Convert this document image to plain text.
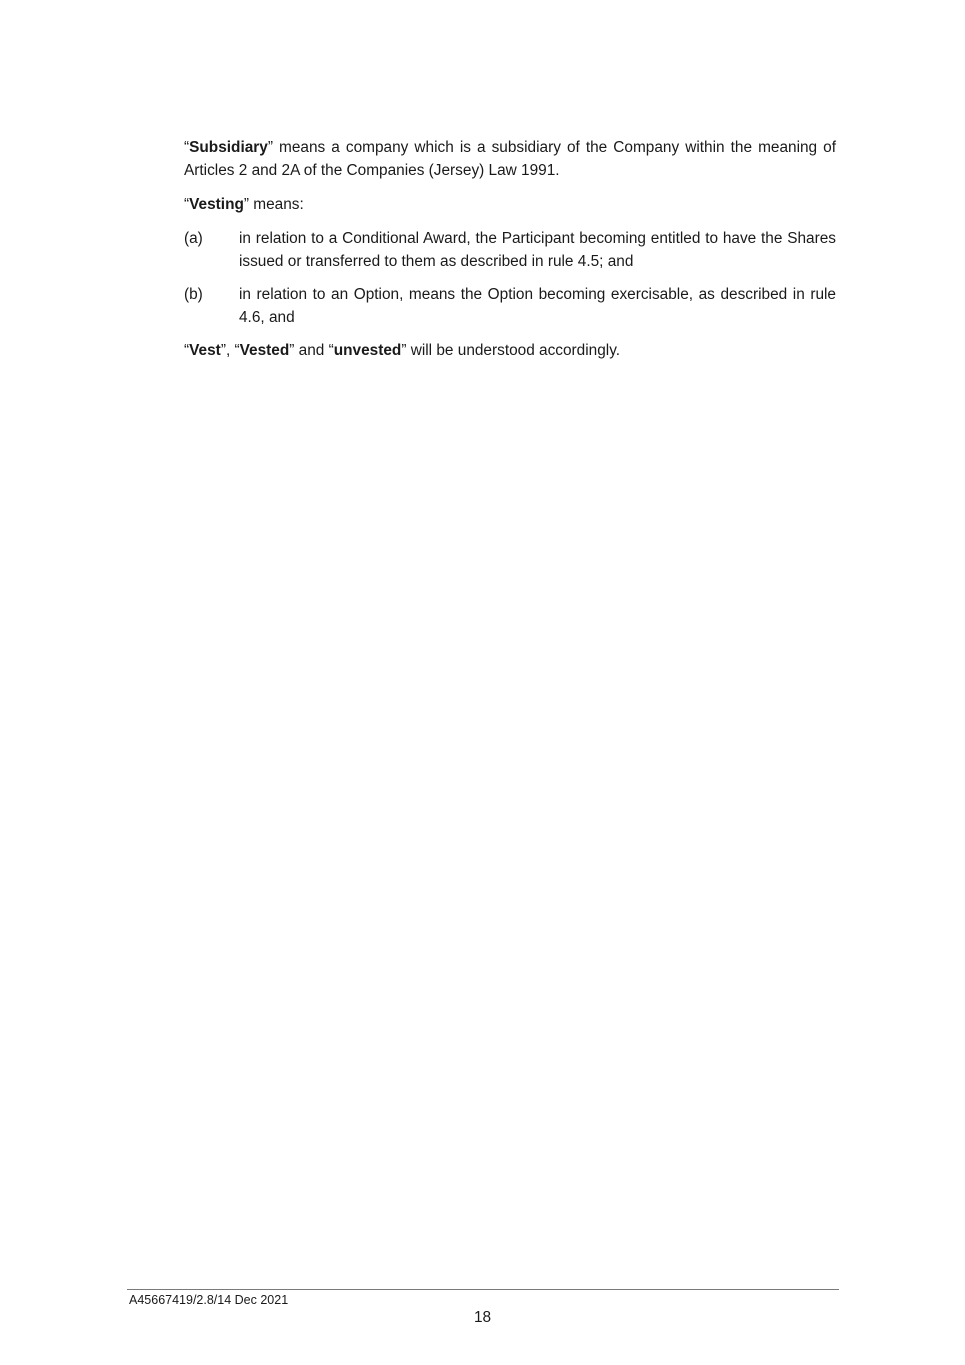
“Subsidiary” means a company which is a subsidiary of the Company within the meaning of Articles 2 and 2A of the Companies (Jersey) Law 1991.

“Vesting” means:

(a)	in relation to a Conditional Award, the Participant becoming entitled to have the Shares issued or transferred to them as described in rule 4.5; and
(b)	in relation to an Option, means the Option becoming exercisable, as described in rule 4.6, and

“Vest”, “Vested” and “unvested” will be understood accordingly.

A45667419/2.8/14 Dec 2021
18
